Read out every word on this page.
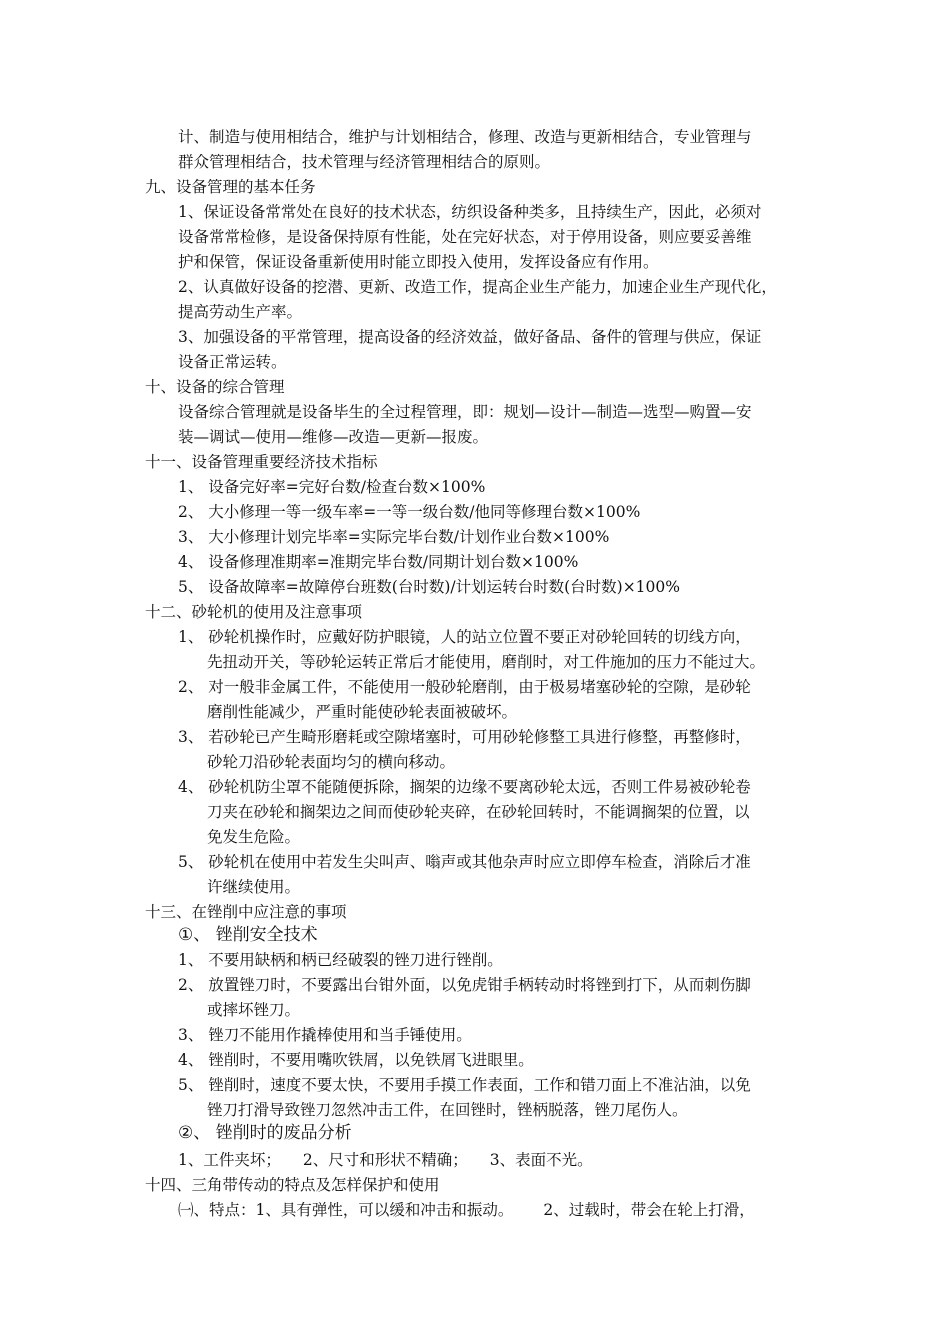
计、制造与使用相结合，维护与计划相结合，修理、改造与更新相结合，专业管理与
群众管理相结合，技术管理与经济管理相结合的原则。
九、设备管理的基本任务
1、保证设备常常处在良好的技术状态，纺织设备种类多，且持续生产，因此，必须对
设备常常检修，是设备保持原有性能，处在完好状态，对于停用设备，则应要妥善维
护和保管，保证设备重新使用时能立即投入使用，发挥设备应有作用。
2、认真做好设备的挖潜、更新、改造工作，提高企业生产能力，加速企业生产现代化，
提高劳动生产率。
3、加强设备的平常管理，提高设备的经济效益，做好备品、备件的管理与供应，保证
设备正常运转。
十、设备的综合管理
设备综合管理就是设备毕生的全过程管理，即：规划—设计—制造—选型—购置—安
装—调试—使用—维修—改造—更新—报废。
十一、设备管理重要经济技术指标
1、 设备完好率=完好台数/检查台数×100%
2、 大小修理一等一级车率=一等一级台数/他同等修理台数×100%
3、 大小修理计划完毕率=实际完毕台数/计划作业台数×100%
4、 设备修理准期率=准期完毕台数/同期计划台数×100%
5、 设备故障率=故障停台班数(台时数)/计划运转台时数(台时数)×100%
十二、砂轮机的使用及注意事项
1、 砂轮机操作时，应戴好防护眼镜，人的站立位置不要正对砂轮回转的切线方向，
先扭动开关，等砂轮运转正常后才能使用，磨削时，对工件施加的压力不能过大。
2、 对一般非金属工件，不能使用一般砂轮磨削，由于极易堵塞砂轮的空隙，是砂轮
磨削性能减少，严重时能使砂轮表面被破坏。
3、 若砂轮已产生畸形磨耗或空隙堵塞时，可用砂轮修整工具进行修整，再整修时，
砂轮刀沿砂轮表面均匀的横向移动。
4、 砂轮机防尘罩不能随便拆除，搁架的边缘不要离砂轮太远，否则工件易被砂轮卷
刀夹在砂轮和搁架边之间而使砂轮夹碎，在砂轮回转时，不能调搁架的位置，以
免发生危险。
5、 砂轮机在使用中若发生尖叫声、嗡声或其他杂声时应立即停车检查，消除后才准
许继续使用。
十三、在锉削中应注意的事项
①、 锉削安全技术
1、 不要用缺柄和柄已经破裂的锉刀进行锉削。
2、 放置锉刀时，不要露出台钳外面，以免虎钳手柄转动时将锉到打下，从而刺伤脚
或摔坏锉刀。
3、 锉刀不能用作撬棒使用和当手锤使用。
4、 锉削时，不要用嘴吹铁屑，以免铁屑飞进眼里。
5、 锉削时，速度不要太快，不要用手摸工作表面，工作和错刀面上不准沾油，以免
锉刀打滑导致锉刀忽然冲击工件，在回锉时，锉柄脱落，锉刀尾伤人。
②、 锉削时的废品分析
1、工件夹坏； 2、尺寸和形状不精确； 3、表面不光。
十四、三角带传动的特点及怎样保护和使用
㈠、特点：1、具有弹性，可以缓和冲击和振动。 2、过载时，带会在轮上打滑，
